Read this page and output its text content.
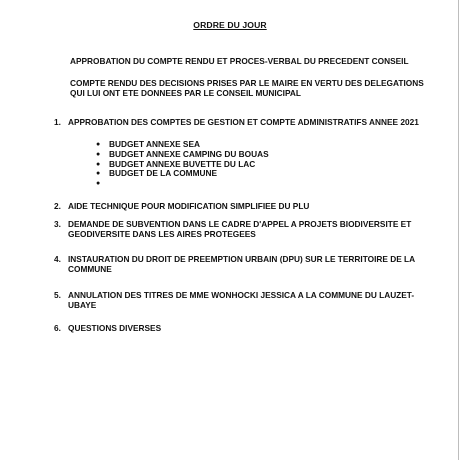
ORDRE DU JOUR

APPROBATION DU COMPTE RENDU ET PROCES-VERBAL DU PRECEDENT CONSEIL

COMPTE RENDU DES DECISIONS PRISES PAR LE MAIRE EN VERTU DES DELEGATIONS QUI LUI ONT ETE DONNEES PAR LE CONSEIL MUNICIPAL

1. APPROBATION DES COMPTES DE GESTION ET COMPTE ADMINISTRATIFS ANNEE 2021
● BUDGET ANNEXE SEA
● BUDGET ANNEXE CAMPING DU BOUAS
● BUDGET ANNEXE BUVETTE DU LAC
● BUDGET DE LA COMMUNE
●
2. AIDE TECHNIQUE POUR MODIFICATION SIMPLIFIEE DU PLU
3. DEMANDE DE SUBVENTION DANS LE CADRE D'APPEL A PROJETS BIODIVERSITE ET GEODIVERSITE DANS LES AIRES PROTEGEES
4. INSTAURATION DU DROIT DE PREEMPTION URBAIN (DPU) SUR LE TERRITOIRE DE LA COMMUNE
5. ANNULATION DES TITRES DE MME WONHOCKI JESSICA A LA COMMUNE DU LAUZET-UBAYE
6. QUESTIONS DIVERSES
